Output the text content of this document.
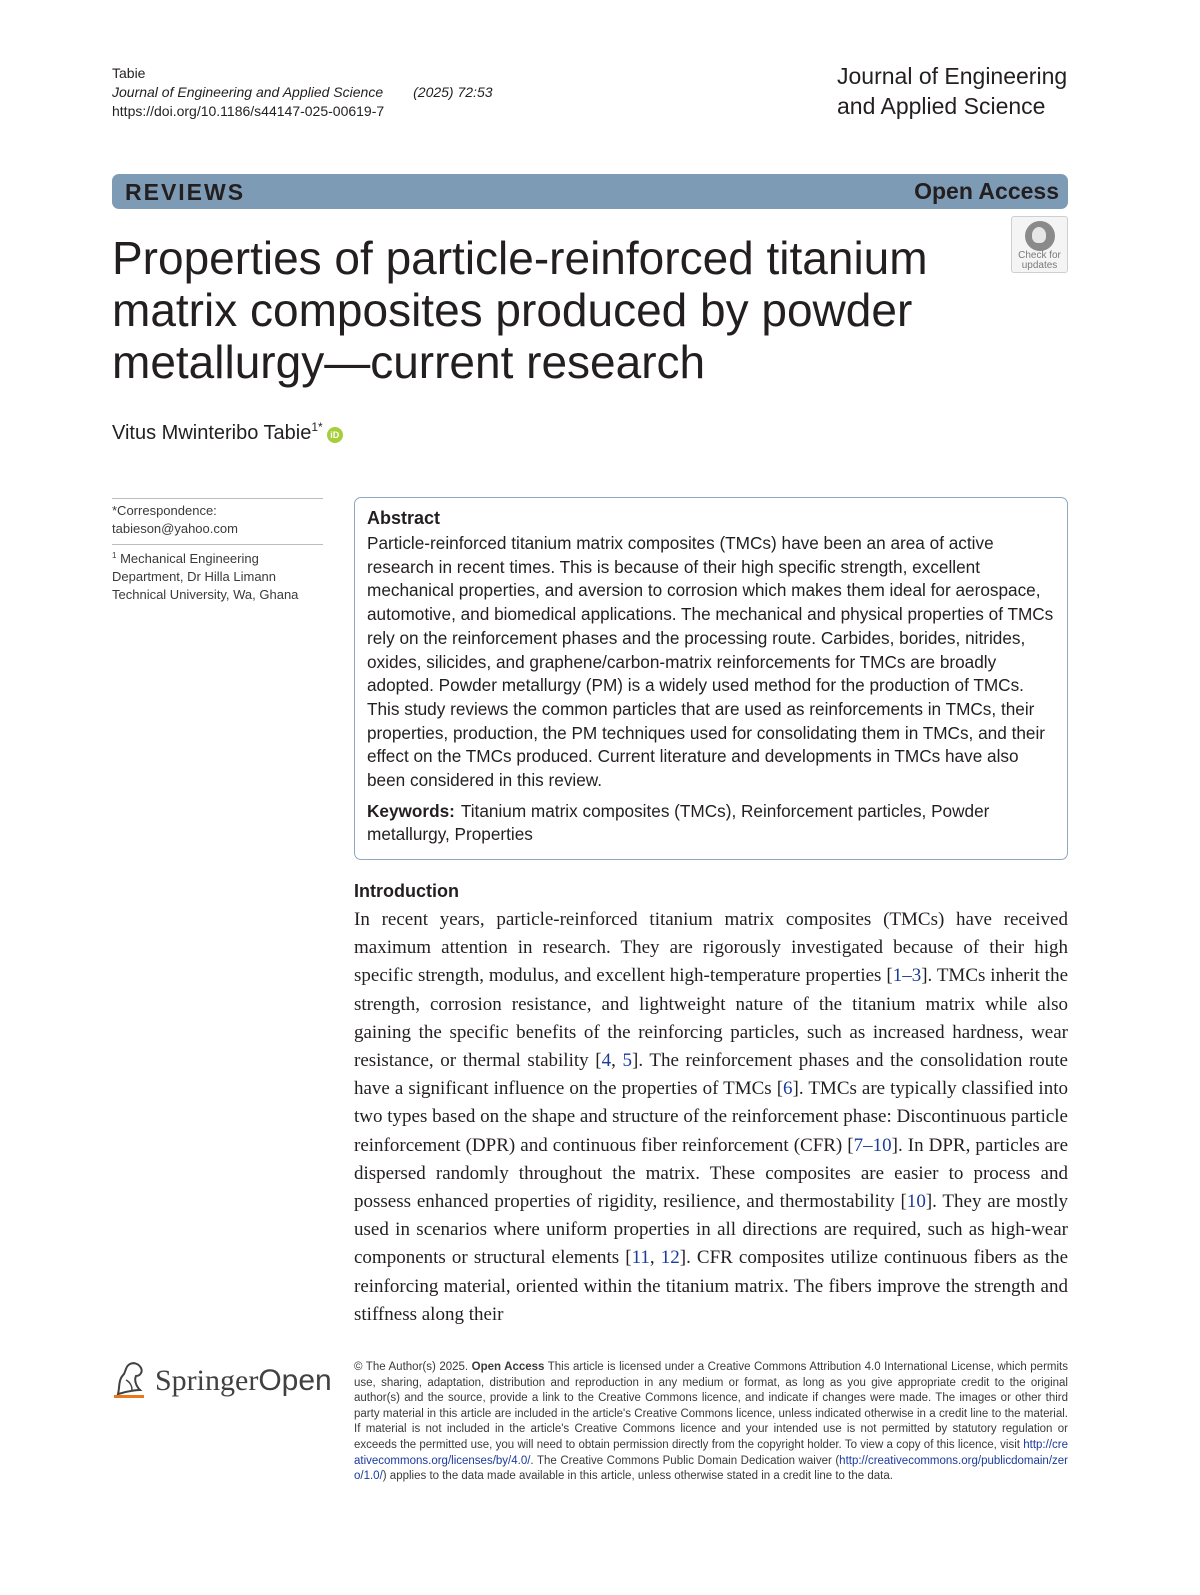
Tabie
Journal of Engineering and Applied Science (2025) 72:53
https://doi.org/10.1186/s44147-025-00619-7
Journal of Engineering
and Applied Science
REVIEWS	Open Access
Properties of particle-reinforced titanium matrix composites produced by powder metallurgy—current research
Check for
updates
Vitus Mwinteribo Tabie$^{1*}$iD
*Correspondence:
tabieson@yahoo.com
$^1$ Mechanical Engineering Department, Dr Hilla Limann Technical University, Wa, Ghana
Abstract

Particle-reinforced titanium matrix composites (TMCs) have been an area of active research in recent times. This is because of their high specific strength, excellent mechanical properties, and aversion to corrosion which makes them ideal for aerospace, automotive, and biomedical applications. The mechanical and physical properties of TMCs rely on the reinforcement phases and the processing route. Carbides, borides, nitrides, oxides, silicides, and graphene/carbon-matrix reinforcements for TMCs are broadly adopted. Powder metallurgy (PM) is a widely used method for the production of TMCs. This study reviews the common particles that are used as reinforcements in TMCs, their properties, production, the PM techniques used for consolidating them in TMCs, and their effect on the TMCs produced. Current literature and developments in TMCs have also been considered in this review.

Keywords: Titanium matrix composites (TMCs), Reinforcement particles, Powder metallurgy, Properties

Introduction

In recent years, particle-reinforced titanium matrix composites (TMCs) have received maximum attention in research. They are rigorously investigated because of their high specific strength, modulus, and excellent high-temperature properties [1–3]. TMCs inherit the strength, corrosion resistance, and lightweight nature of the titanium matrix while also gaining the specific benefits of the reinforcing particles, such as increased hardness, wear resistance, or thermal stability [4, 5]. The reinforcement phases and the consolidation route have a significant influence on the properties of TMCs [6]. TMCs are typically classified into two types based on the shape and structure of the reinforcement phase: Discontinuous particle reinforcement (DPR) and continuous fiber reinforcement (CFR) [7–10]. In DPR, particles are dispersed randomly throughout the matrix. These composites are easier to process and possess enhanced properties of rigidity, resilience, and thermostability [10]. They are mostly used in scenarios where uniform properties in all directions are required, such as high-wear components or structural elements [11, 12]. CFR composites utilize continuous fibers as the reinforcing material, oriented within the titanium matrix. The fibers improve the strength and stiffness along their

SpringerOpen © The Author(s) 2025. Open Access This article is licensed under a Creative Commons Attribution 4.0 International License, which permits use, sharing, adaptation, distribution and reproduction in any medium or format, as long as you give appropriate credit to the original author(s) and the source, provide a link to the Creative Commons licence, and indicate if changes were made. The images or other third party material in this article are included in the article's Creative Commons licence, unless indicated otherwise in a credit line to the material. If material is not included in the article's Creative Commons licence and your intended use is not permitted by statutory regulation or exceeds the permitted use, you will need to obtain permission directly from the copyright holder. To view a copy of this licence, visit http://creativecommons.org/licenses/by/4.0/. The Creative Commons Public Domain Dedication waiver (http://creativecommons.org/publicdomain/zero/1.0/) applies to the data made available in this article, unless otherwise stated in a credit line to the data.
